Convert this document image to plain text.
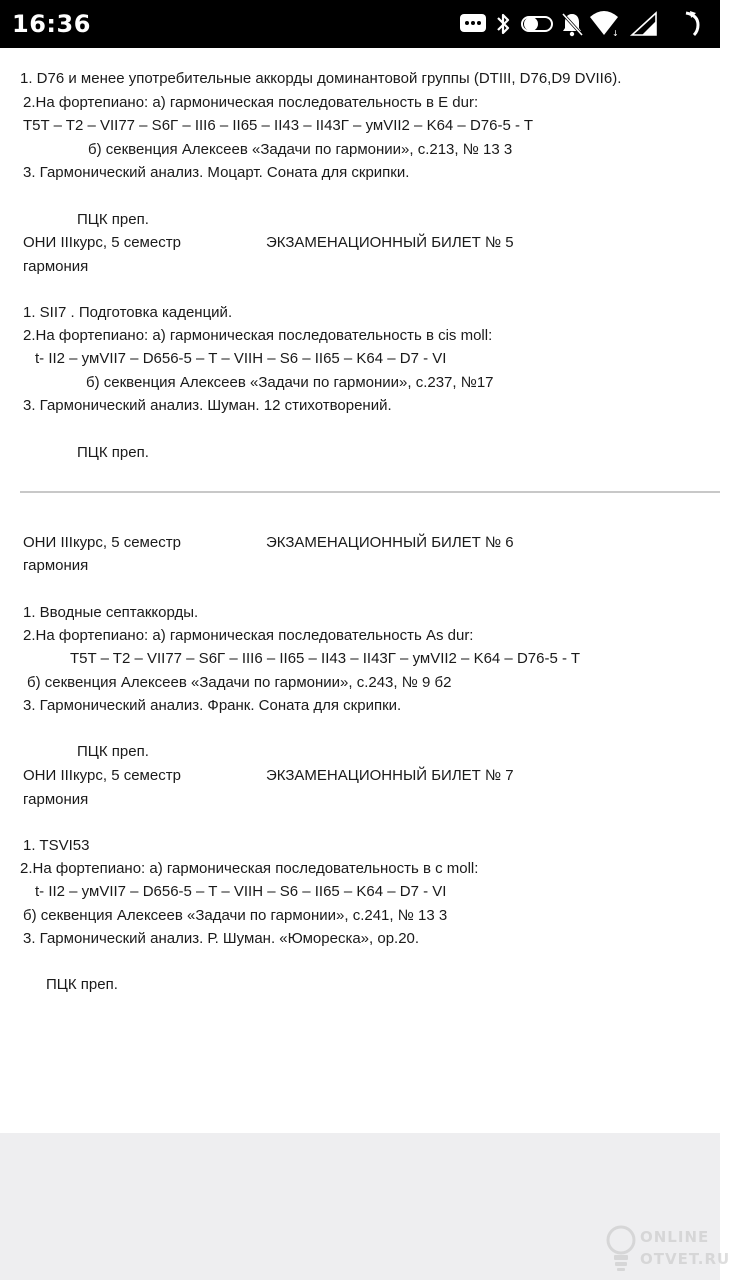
16:36	↓
1. D76 и менее употребительные аккорды доминантовой группы (DTIII, D76,D9 DVII6).
2.На фортепиано: а) гармоническая последовательность в E dur:
T5T – T2 – VII77 – S6Г – III6 – II65 – II43 – II43Г – умVII2 – K64 – D76-5 - T
б) секвенция Алексеев «Задачи по гармонии», с.213, № 13 3
3. Гармонический анализ. Моцарт. Соната для скрипки.
ПЦК преп.
ОНИ IIIкурс, 5 семестр	ЭКЗАМЕНАЦИОННЫЙ БИЛЕТ № 5
гармония
1. SII7 . Подготовка каденций.
2.На фортепиано: а) гармоническая последовательность в cis moll:
t- II2 – умVII7 – D656-5 – T – VIIH – S6 – II65 – K64 – D7 - VI
б) секвенция Алексеев «Задачи по гармонии», с.237, №17
3. Гармонический анализ. Шуман. 12 стихотворений.
ПЦК преп.
ОНИ IIIкурс, 5 семестр	ЭКЗАМЕНАЦИОННЫЙ БИЛЕТ № 6
гармония
1. Вводные септаккорды.
2.На фортепиано: а) гармоническая последовательность As dur:
T5T – T2 – VII77 – S6Г – III6 – II65 – II43 – II43Г – умVII2 – K64 – D76-5 - T
б) секвенция Алексеев «Задачи по гармонии», с.243, № 9 б2
3. Гармонический анализ. Франк. Соната для скрипки.
ПЦК преп.
ОНИ IIIкурс, 5 семестр	ЭКЗАМЕНАЦИОННЫЙ БИЛЕТ № 7
гармония
1. TSVI53
2.На фортепиано: а) гармоническая последовательность в с moll:
t- II2 – умVII7 – D656-5 – T – VIIH – S6 – II65 – K64 – D7 - VI
б) секвенция Алексеев «Задачи по гармонии», с.241, № 13 3
3. Гармонический анализ. Р. Шуман. «Юмореска», ор.20.
ПЦК преп.
ONLINE
OTVET.RU
